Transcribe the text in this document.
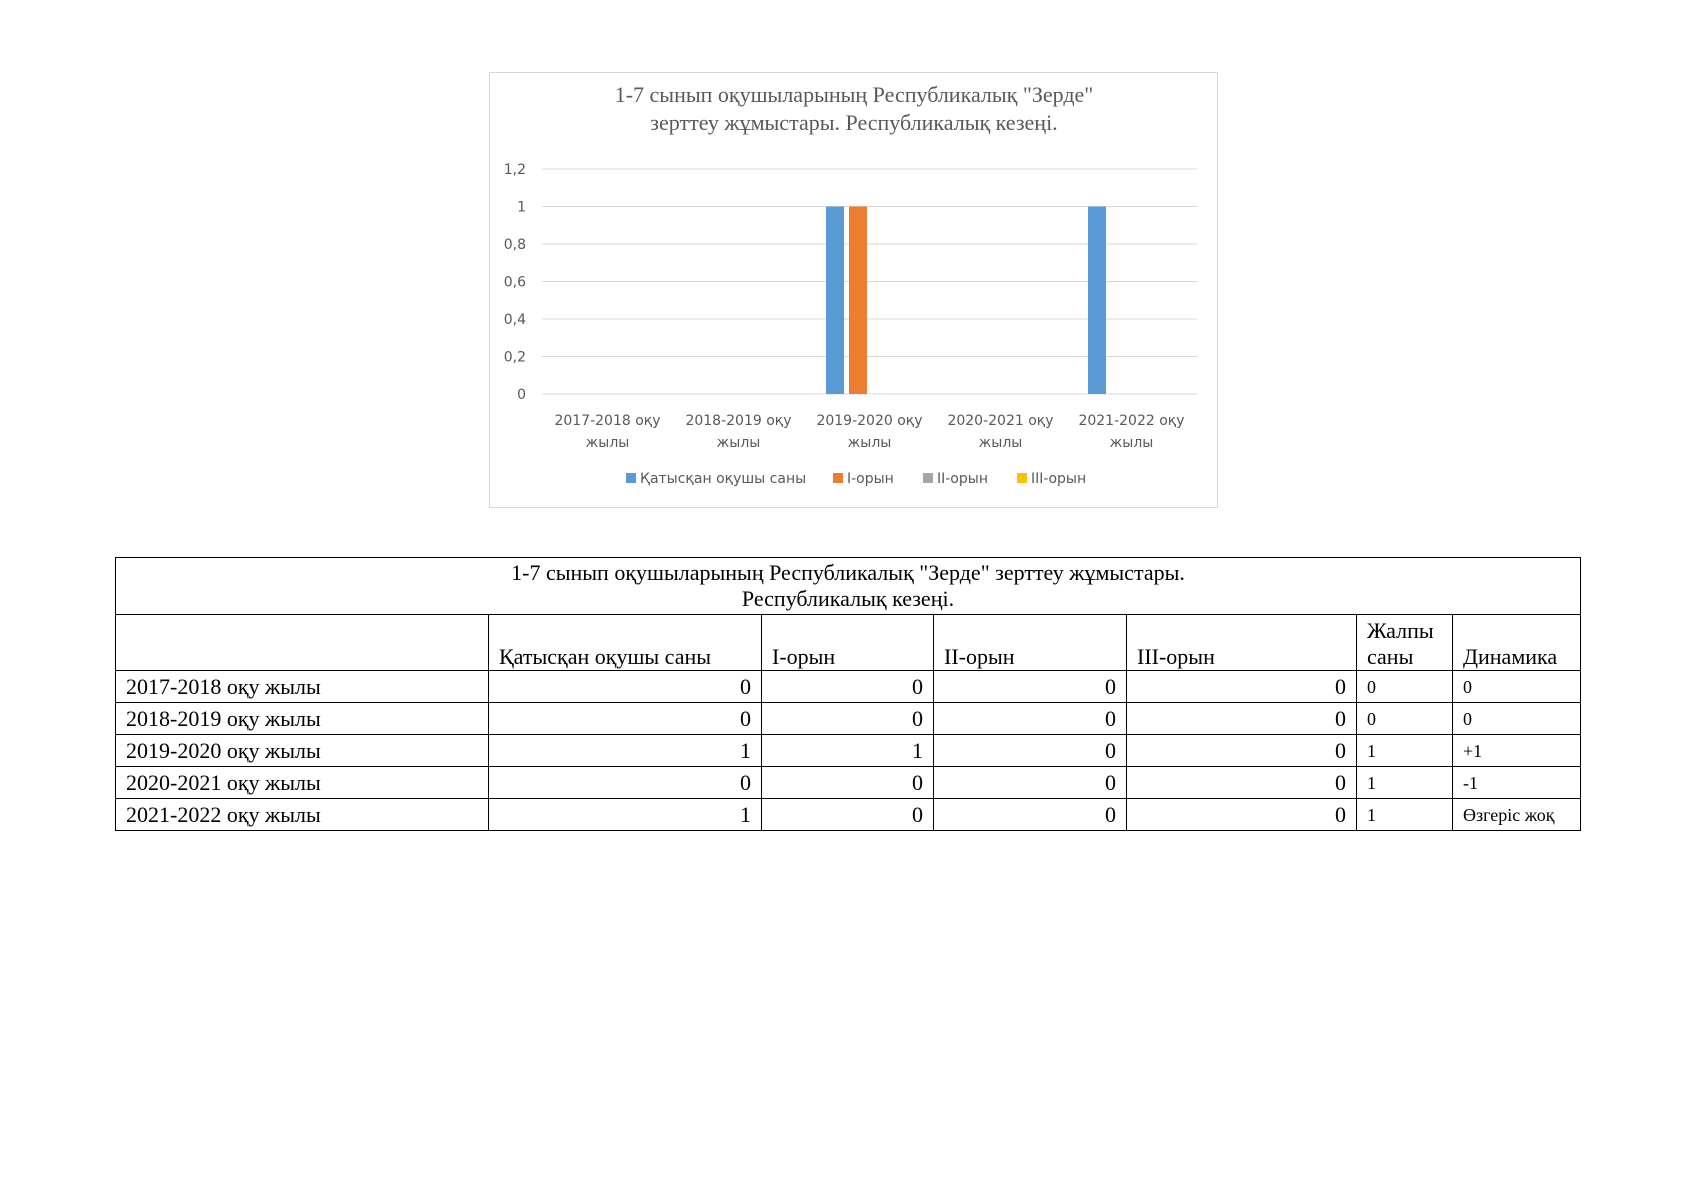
1-7 сынып оқушыларының Республикалық "Зерде"
зерттеу жұмыстары. Республикалық кезеңі.
0
0,2
0,4
0,6
0,8
1
1,2
2017-2018 оқу
жылы
2018-2019 оқу
жылы
2019-2020 оқу
жылы
2020-2021 оқу
жылы
2021-2022 оқу
жылы
Қатысқан оқушы саны	I-орын	II-орын	III-орын
1-7 сынып оқушыларының Республикалық "Зерде" зерттеу жұмыстары.
Республикалық кезеңі.						

	Қатысқан оқушы саны	I-орын	II-орын	III-орын	Жалпы
саны	Динамика
2017-2018 оқу жылы	0	0	0	0	0	0
2018-2019 оқу жылы	0	0	0	0	0	0
2019-2020 оқу жылы	1	1	0	0	1	+1
2020-2021 оқу жылы	0	0	0	0	1	-1
2021-2022 оқу жылы	1	0	0	0	1	Өзгеріс жоқ
